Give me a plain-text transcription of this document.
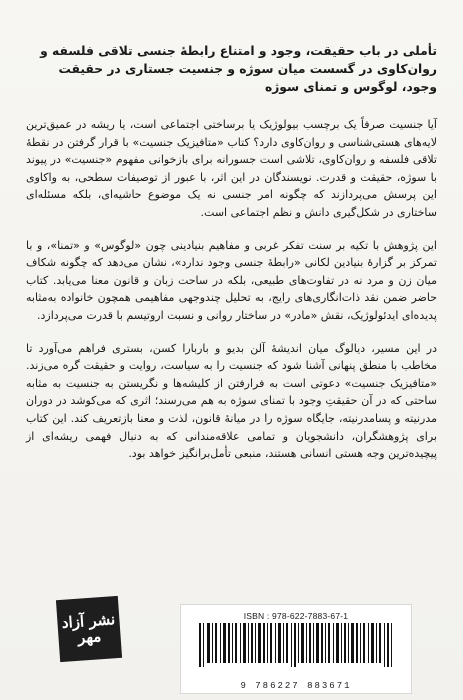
تأملی در باب حقیقت، وجود و امتناع رابطهٔ جنسی تلاقی فلسفه و روان‌کاوی در گسست میان سوژه و جنسیت جستاری در حقیقت وجود، لوگوس و تمنای سوژه

آیا جنسیت صرفاً یک برچسب بیولوژیک یا برساختی اجتماعی است، یا ریشه در عمیق‌ترین لایه‌های هستی‌شناسی و روان‌کاوی دارد؟ کتاب «متافیزیک جنسیت» با قرار گرفتن در نقطهٔ تلاقی فلسفه و روان‌کاوی، تلاشی است جسورانه برای بازخوانی مفهوم «جنسیت» در پیوند با سوژه، حقیقت و قدرت. نویسندگان در این اثر، با عبور از توصیفات سطحی، به واکاوی این پرسش می‌پردازند که چگونه امر جنسی نه یک موضوع حاشیه‌ای، بلکه مسئله‌ای ساختاری در شکل‌گیری دانش و نظم اجتماعی است.

این پژوهش با تکیه بر سنت تفکر غربی و مفاهیم بنیادینی چون «لوگوس» و «تمنا»، و با تمرکز بر گزارهٔ بنیادین لکانی «رابطهٔ جنسی وجود ندارد»، نشان می‌دهد که چگونه شکاف میان زن و مرد نه در تفاوت‌های طبیعی، بلکه در ساحت زبان و قانون معنا می‌یابد. کتاب حاضر ضمن نقد ذات‌انگاری‌های رایج، به تحلیل چندوجهی مفاهیمی همچون خانواده به‌مثابه پدیده‌ای ایدئولوژیک، نقش «مادر» در ساختار روانی و نسبت اروتیسم با قدرت می‌پردازد.

در این مسیر، دیالوگ میان اندیشهٔ آلن بدیو و باربارا کسن، بستری فراهم می‌آورد تا مخاطب با منطق پنهانی آشنا شود که جنسیت را به سیاست، روایت و حقیقت گره می‌زند. «متافیزیک جنسیت» دعوتی است به فرارفتن از کلیشه‌ها و نگریستن به جنسیت به مثابه ساحتی که در آن حقیقتِ وجود با تمنای سوژه به هم می‌رسند؛ اثری که می‌کوشد در دوران مدرنیته و پسامدرنیته، جایگاه سوژه را در میانهٔ قانون، لذت و معنا بازتعریف کند. این کتاب برای پژوهشگران، دانشجویان و تمامی علاقه‌مندانی که به دنبال فهمی ریشه‌ای از پیچیده‌ترین وجه هستی انسانی هستند، منبعی تأمل‌برانگیز خواهد بود.

نشر آزاد مهر
ISBN : 978-622-7883-67-1
9 786227 883671
